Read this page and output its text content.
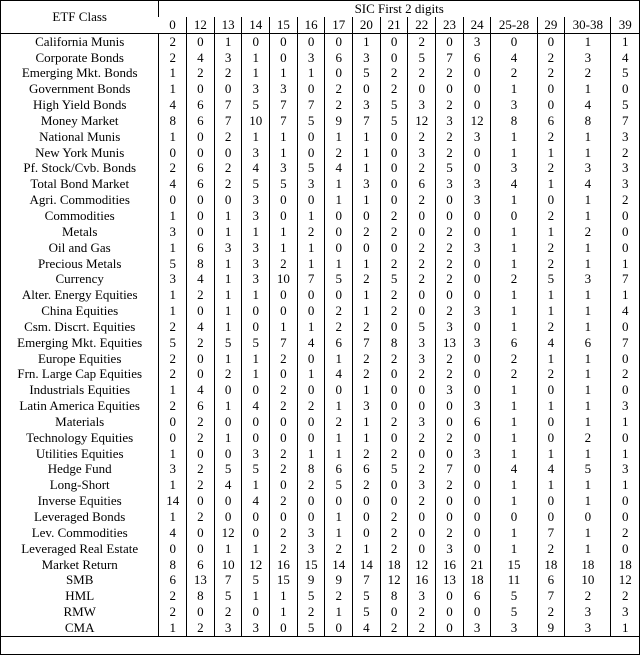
ETF Class	SIC First 2 digits															
	0	12	13	14	15	16	17	20	21	22	23	24	25-28	29	30-38	39
California Munis	2	0	1	0	0	0	0	1	0	2	0	3	0	0	1	1
Corporate Bonds	2	4	3	1	0	3	6	3	0	5	7	6	4	2	3	4
Emerging Mkt. Bonds	1	2	2	1	1	1	0	5	2	2	2	0	2	2	2	5
Government Bonds	1	0	0	3	3	0	2	0	2	0	0	0	1	0	1	0
High Yield Bonds	4	6	7	5	7	7	2	3	5	3	2	0	3	0	4	5
Money Market	8	6	7	10	7	5	9	7	5	12	3	12	8	6	8	7
National Munis	1	0	2	1	1	0	1	1	0	2	2	3	1	2	1	3
New York Munis	0	0	0	3	1	0	2	1	0	3	2	0	1	1	1	2
Pf. Stock/Cvb. Bonds	2	6	2	4	3	5	4	1	0	2	5	0	3	2	3	3
Total Bond Market	4	6	2	5	5	3	1	3	0	6	3	3	4	1	4	3
Agri. Commodities	0	0	0	3	0	0	1	1	0	2	0	3	1	0	1	2
Commodities	1	0	1	3	0	1	0	0	2	0	0	0	0	2	1	0
Metals	3	0	1	1	1	2	0	2	2	0	2	0	1	1	2	0
Oil and Gas	1	6	3	3	1	1	0	0	0	2	2	3	1	2	1	0
Precious Metals	5	8	1	3	2	1	1	1	2	2	2	0	1	2	1	1
Currency	3	4	1	3	10	7	5	2	5	2	2	0	2	5	3	7
Alter. Energy Equities	1	2	1	1	0	0	0	1	2	0	0	0	1	1	1	1
China Equities	1	0	1	0	0	0	2	1	2	0	2	3	1	1	1	4
Csm. Discrt. Equities	2	4	1	0	1	1	2	2	0	5	3	0	1	2	1	0
Emerging Mkt. Equities	5	2	5	5	7	4	6	7	8	3	13	3	6	4	6	7
Europe Equities	2	0	1	1	2	0	1	2	2	3	2	0	2	1	1	0
Frn. Large Cap Equities	2	0	2	1	0	1	4	2	0	2	2	0	2	2	1	2
Industrials Equities	1	4	0	0	2	0	0	1	0	0	3	0	1	0	1	0
Latin America Equities	2	6	1	4	2	2	1	3	0	0	0	3	1	1	1	3
Materials	0	2	0	0	0	0	2	1	2	3	0	6	1	0	1	1
Technology Equities	0	2	1	0	0	0	1	1	0	2	2	0	1	0	2	0
Utilities Equities	1	0	0	3	2	1	1	2	2	0	0	3	1	1	1	1
Hedge Fund	3	2	5	5	2	8	6	6	5	2	7	0	4	4	5	3
Long-Short	1	2	4	1	0	2	5	2	0	3	2	0	1	1	1	1
Inverse Equities	14	0	0	4	2	0	0	0	0	2	0	0	1	0	1	0
Leveraged Bonds	1	2	0	0	0	0	1	0	2	0	0	0	0	0	0	0
Lev. Commodities	4	0	12	0	2	3	1	0	2	0	2	0	1	7	1	2
Leveraged Real Estate	0	0	1	1	2	3	2	1	2	0	3	0	1	2	1	0
Market Return	8	6	10	12	16	15	14	14	18	12	16	21	15	18	18	18
SMB	6	13	7	5	15	9	9	7	12	16	13	18	11	6	10	12
HML	2	8	5	1	1	5	2	5	8	3	0	6	5	7	2	2
RMW	2	0	2	0	1	2	1	5	0	2	0	0	5	2	3	3
CMA	1	2	3	3	0	5	0	4	2	2	0	3	3	9	3	1
